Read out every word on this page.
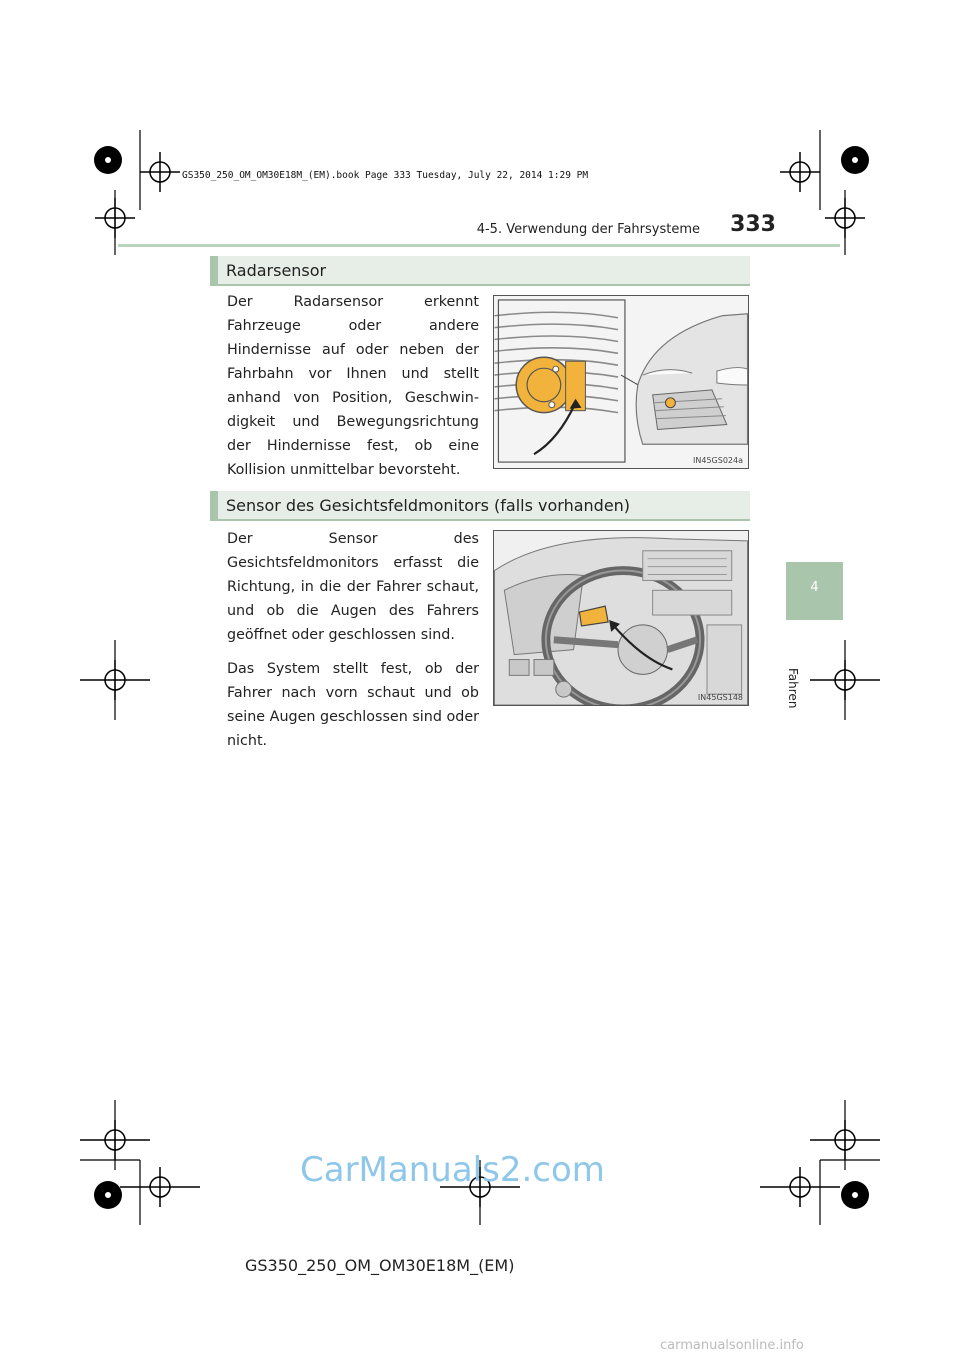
GS350_250_OM_OM30E18M_(EM).book Page 333 Tuesday, July 22, 2014 1:29 PM
4-5. Verwendung der Fahrsysteme	333
4
Fahren
Radarsensor

Der Radarsensor erkennt Fahrzeuge oder andere Hindernisse auf oder neben der Fahrbahn vor Ihnen und stellt anhand von Position, Geschwin-digkeit und Bewegungsrichtung der Hindernisse fest, ob eine Kollision unmittelbar bevorsteht.

IN45GS024a
Sensor des Gesichtsfeldmonitors (falls vorhanden)

Der Sensor des Gesichtsfeldmonitors erfasst die Richtung, in die der Fahrer schaut, und ob die Augen des Fahrers geöffnet oder geschlossen sind.

Das System stellt fest, ob der Fahrer nach vorn schaut und ob seine Augen geschlossen sind oder nicht.

IN45GS148
CarManuals2.com
GS350_250_OM_OM30E18M_(EM)
carmanualsonline.info
